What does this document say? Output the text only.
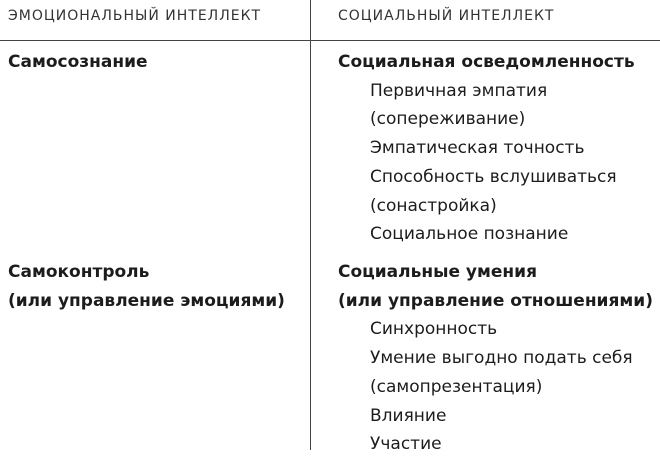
ЭМОЦИОНАЛЬНЫЙ ИНТЕЛЛЕКТ	СОЦИАЛЬНЫЙ ИНТЕЛЛЕКТ
Самосознание	Социальная осведомленность
Первичная эмпатия
(сопереживание)
Эмпатическая точность
Способность вслушиваться
(сонастройка)
Социальное познание
Самоконтроль
(или управление эмоциями)
Социальные умения
(или управление отношениями)
Синхронность
Умение выгодно подать себя
(самопрезентация)
Влияние
Участие
